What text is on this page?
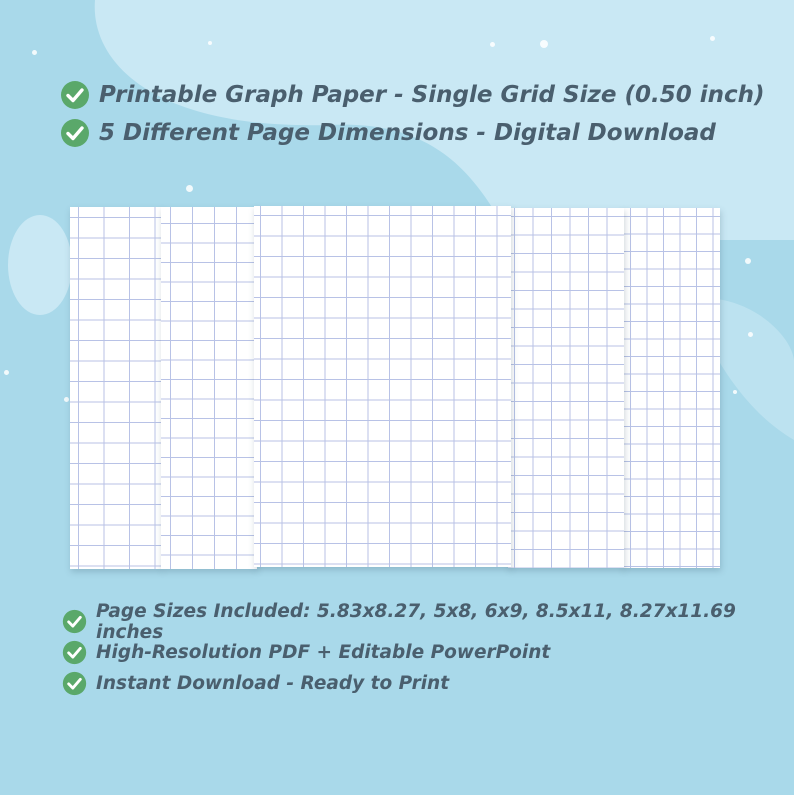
Printable Graph Paper - Single Grid Size (0.50 inch)
5 Different Page Dimensions - Digital Download
Page Sizes Included: 5.83x8.27, 5x8, 6x9, 8.5x11, 8.27x11.69 inches
High-Resolution PDF + Editable PowerPoint
Instant Download - Ready to Print
